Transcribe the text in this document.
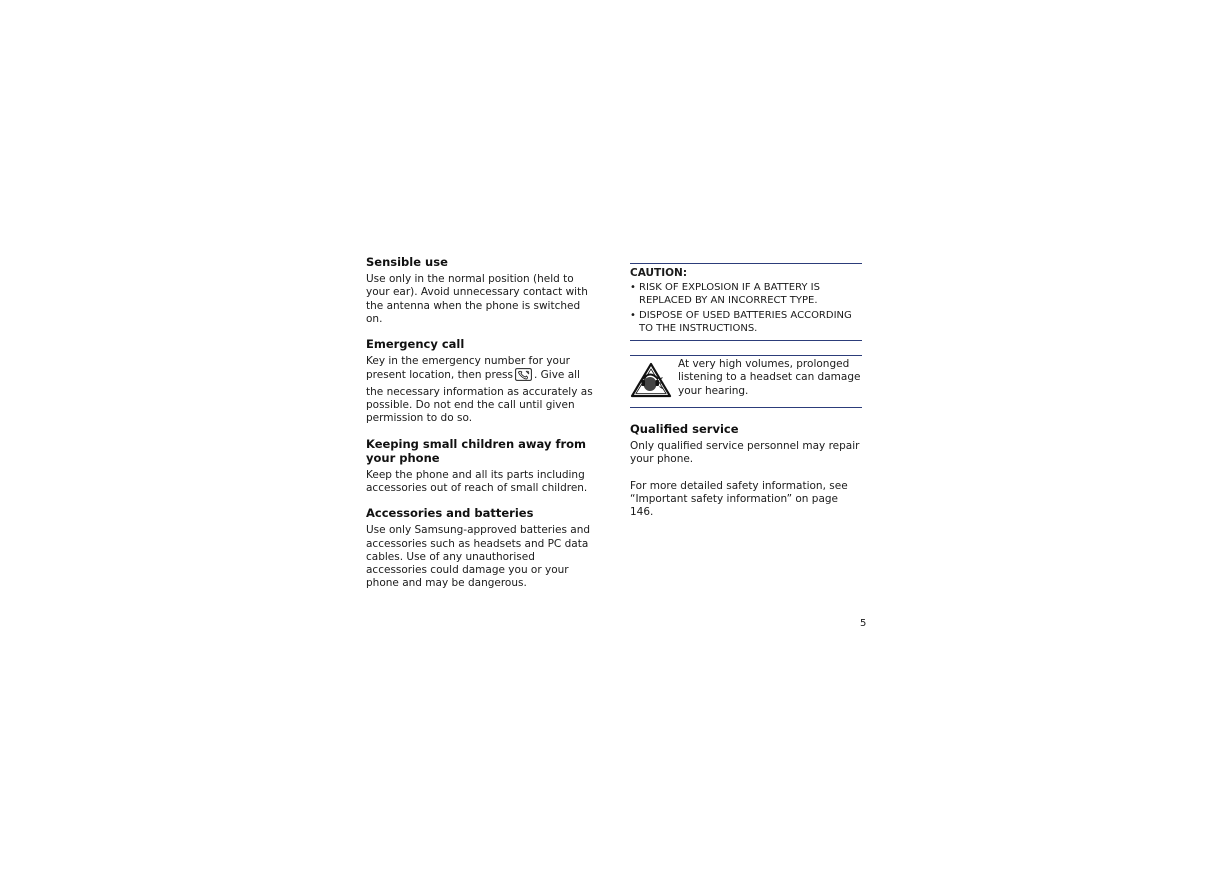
Sensible use

Use only in the normal position (held to your ear). Avoid unnecessary contact with the antenna when the phone is switched on.

Emergency call

Key in the emergency number for your present location, then press . Give all the necessary information as accurately as possible. Do not end the call until given permission to do so.

Keeping small children away from your phone

Keep the phone and all its parts including accessories out of reach of small children.

Accessories and batteries

Use only Samsung-approved batteries and accessories such as headsets and PC data cables. Use of any unauthorised accessories could damage you or your phone and may be dangerous.

CAUTION:
• RISK OF EXPLOSION IF A BATTERY IS REPLACED BY AN INCORRECT TYPE.
• DISPOSE OF USED BATTERIES ACCORDING TO THE INSTRUCTIONS.

At very high volumes, prolonged listening to a headset can damage your hearing.

Qualified service

Only qualified service personnel may repair your phone.

For more detailed safety information, see “Important safety information” on page 146.

5
